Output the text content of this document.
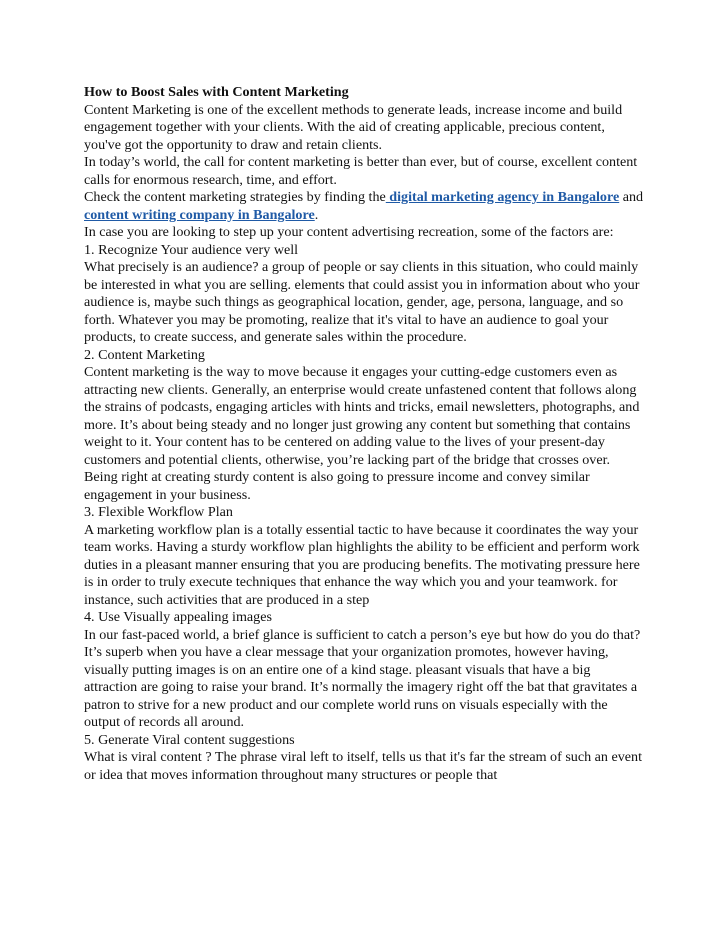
How to Boost Sales with Content Marketing

Content Marketing is one of the excellent methods to generate leads, increase income and build engagement together with your clients. With the aid of creating applicable, precious content, you've got the opportunity to draw and retain clients.

In today’s world, the call for content marketing is better than ever, but of course, excellent content calls for enormous research, time, and effort.

Check the content marketing strategies by finding the digital marketing agency in Bangalore and content writing company in Bangalore.

In case you are looking to step up your content advertising recreation, some of the factors are:

1. Recognize Your audience very well

What precisely is an audience? a group of people or say clients in this situation, who could mainly be interested in what you are selling. elements that could assist you in information about who your audience is, maybe such things as geographical location, gender, age, persona, language, and so forth. Whatever you may be promoting, realize that it's vital to have an audience to goal your products, to create success, and generate sales within the procedure.

2. Content Marketing

Content marketing is the way to move because it engages your cutting-edge customers even as attracting new clients. Generally, an enterprise would create unfastened content that follows along the strains of podcasts, engaging articles with hints and tricks, email newsletters, photographs, and more. It’s about being steady and no longer just growing any content but something that contains weight to it. Your content has to be centered on adding value to the lives of your present-day customers and potential clients, otherwise, you’re lacking part of the bridge that crosses over.

Being right at creating sturdy content is also going to pressure income and convey similar engagement in your business.

3. Flexible Workflow Plan

A marketing workflow plan is a totally essential tactic to have because it coordinates the way your team works. Having a sturdy workflow plan highlights the ability to be efficient and perform work duties in a pleasant manner ensuring that you are producing benefits. The motivating pressure here is in order to truly execute techniques that enhance the way which you and your teamwork. for instance, such activities that are produced in a step

4. Use Visually appealing images

In our fast-paced world, a brief glance is sufficient to catch a person’s eye but how do you do that? It’s superb when you have a clear message that your organization promotes, however having, visually putting images is on an entire one of a kind stage. pleasant visuals that have a big attraction are going to raise your brand. It’s normally the imagery right off the bat that gravitates a patron to strive for a new product and our complete world runs on visuals especially with the output of records all around.

5. Generate Viral content suggestions

What is viral content ? The phrase viral left to itself, tells us that it's far the stream of such an event or idea that moves information throughout many structures or people that
